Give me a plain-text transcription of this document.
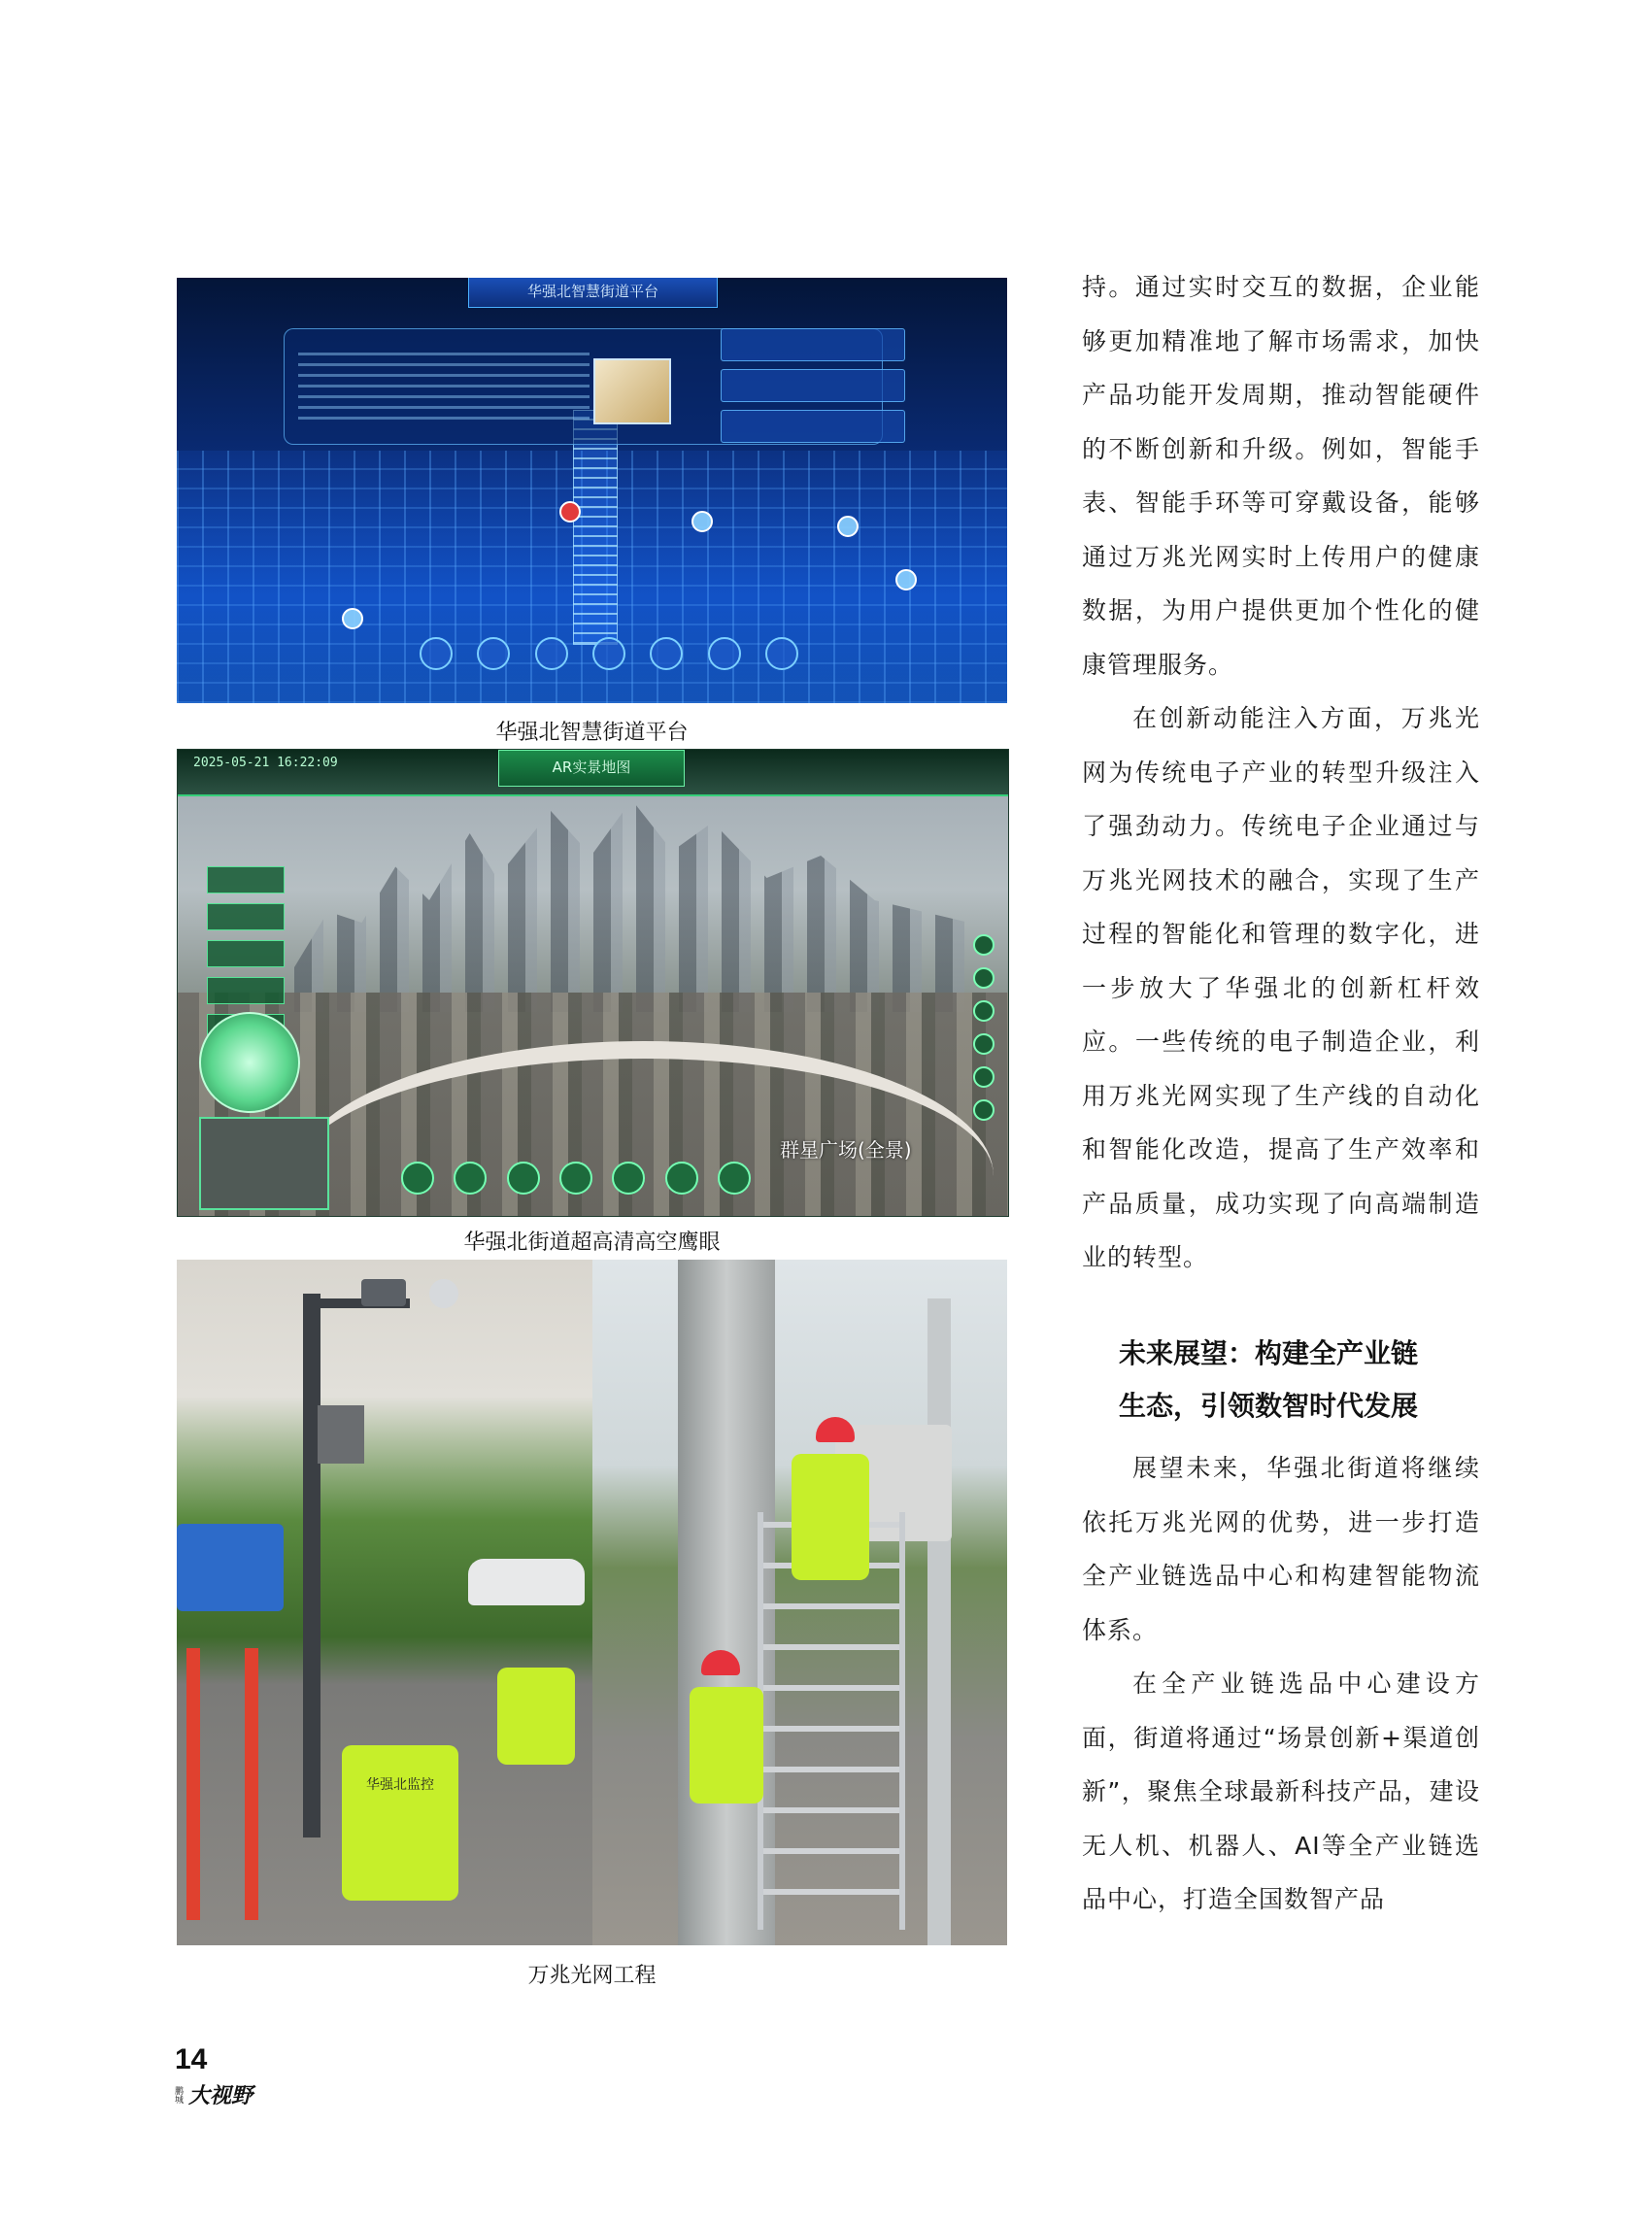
华强北智慧街道平台
华强北智慧街道平台
2025-05-21 16:22:09	AR实景地图
群星广场(全景)
华强北街道超高清高空鹰眼
华强北监控
万兆光网工程

持。通过实时交互的数据，企业能够更加精准地了解市场需求，加快产品功能开发周期，推动智能硬件的不断创新和升级。例如，智能手表、智能手环等可穿戴设备，能够通过万兆光网实时上传用户的健康数据，为用户提供更加个性化的健康管理服务。

在创新动能注入方面，万兆光网为传统电子产业的转型升级注入了强劲动力。传统电子企业通过与万兆光网技术的融合，实现了生产过程的智能化和管理的数字化，进一步放大了华强北的创新杠杆效应。一些传统的电子制造企业，利用万兆光网实现了生产线的自动化和智能化改造，提高了生产效率和产品质量，成功实现了向高端制造业的转型。

未来展望：构建全产业链

生态，引领数智时代发展

展望未来，华强北街道将继续依托万兆光网的优势，进一步打造全产业链选品中心和构建智能物流体系。

在全产业链选品中心建设方面，街道将通过“场景创新+渠道创新”，聚焦全球最新科技产品，建设无人机、机器人、AI等全产业链选品中心，打造全国数智产品

14
鹏城 大视野
